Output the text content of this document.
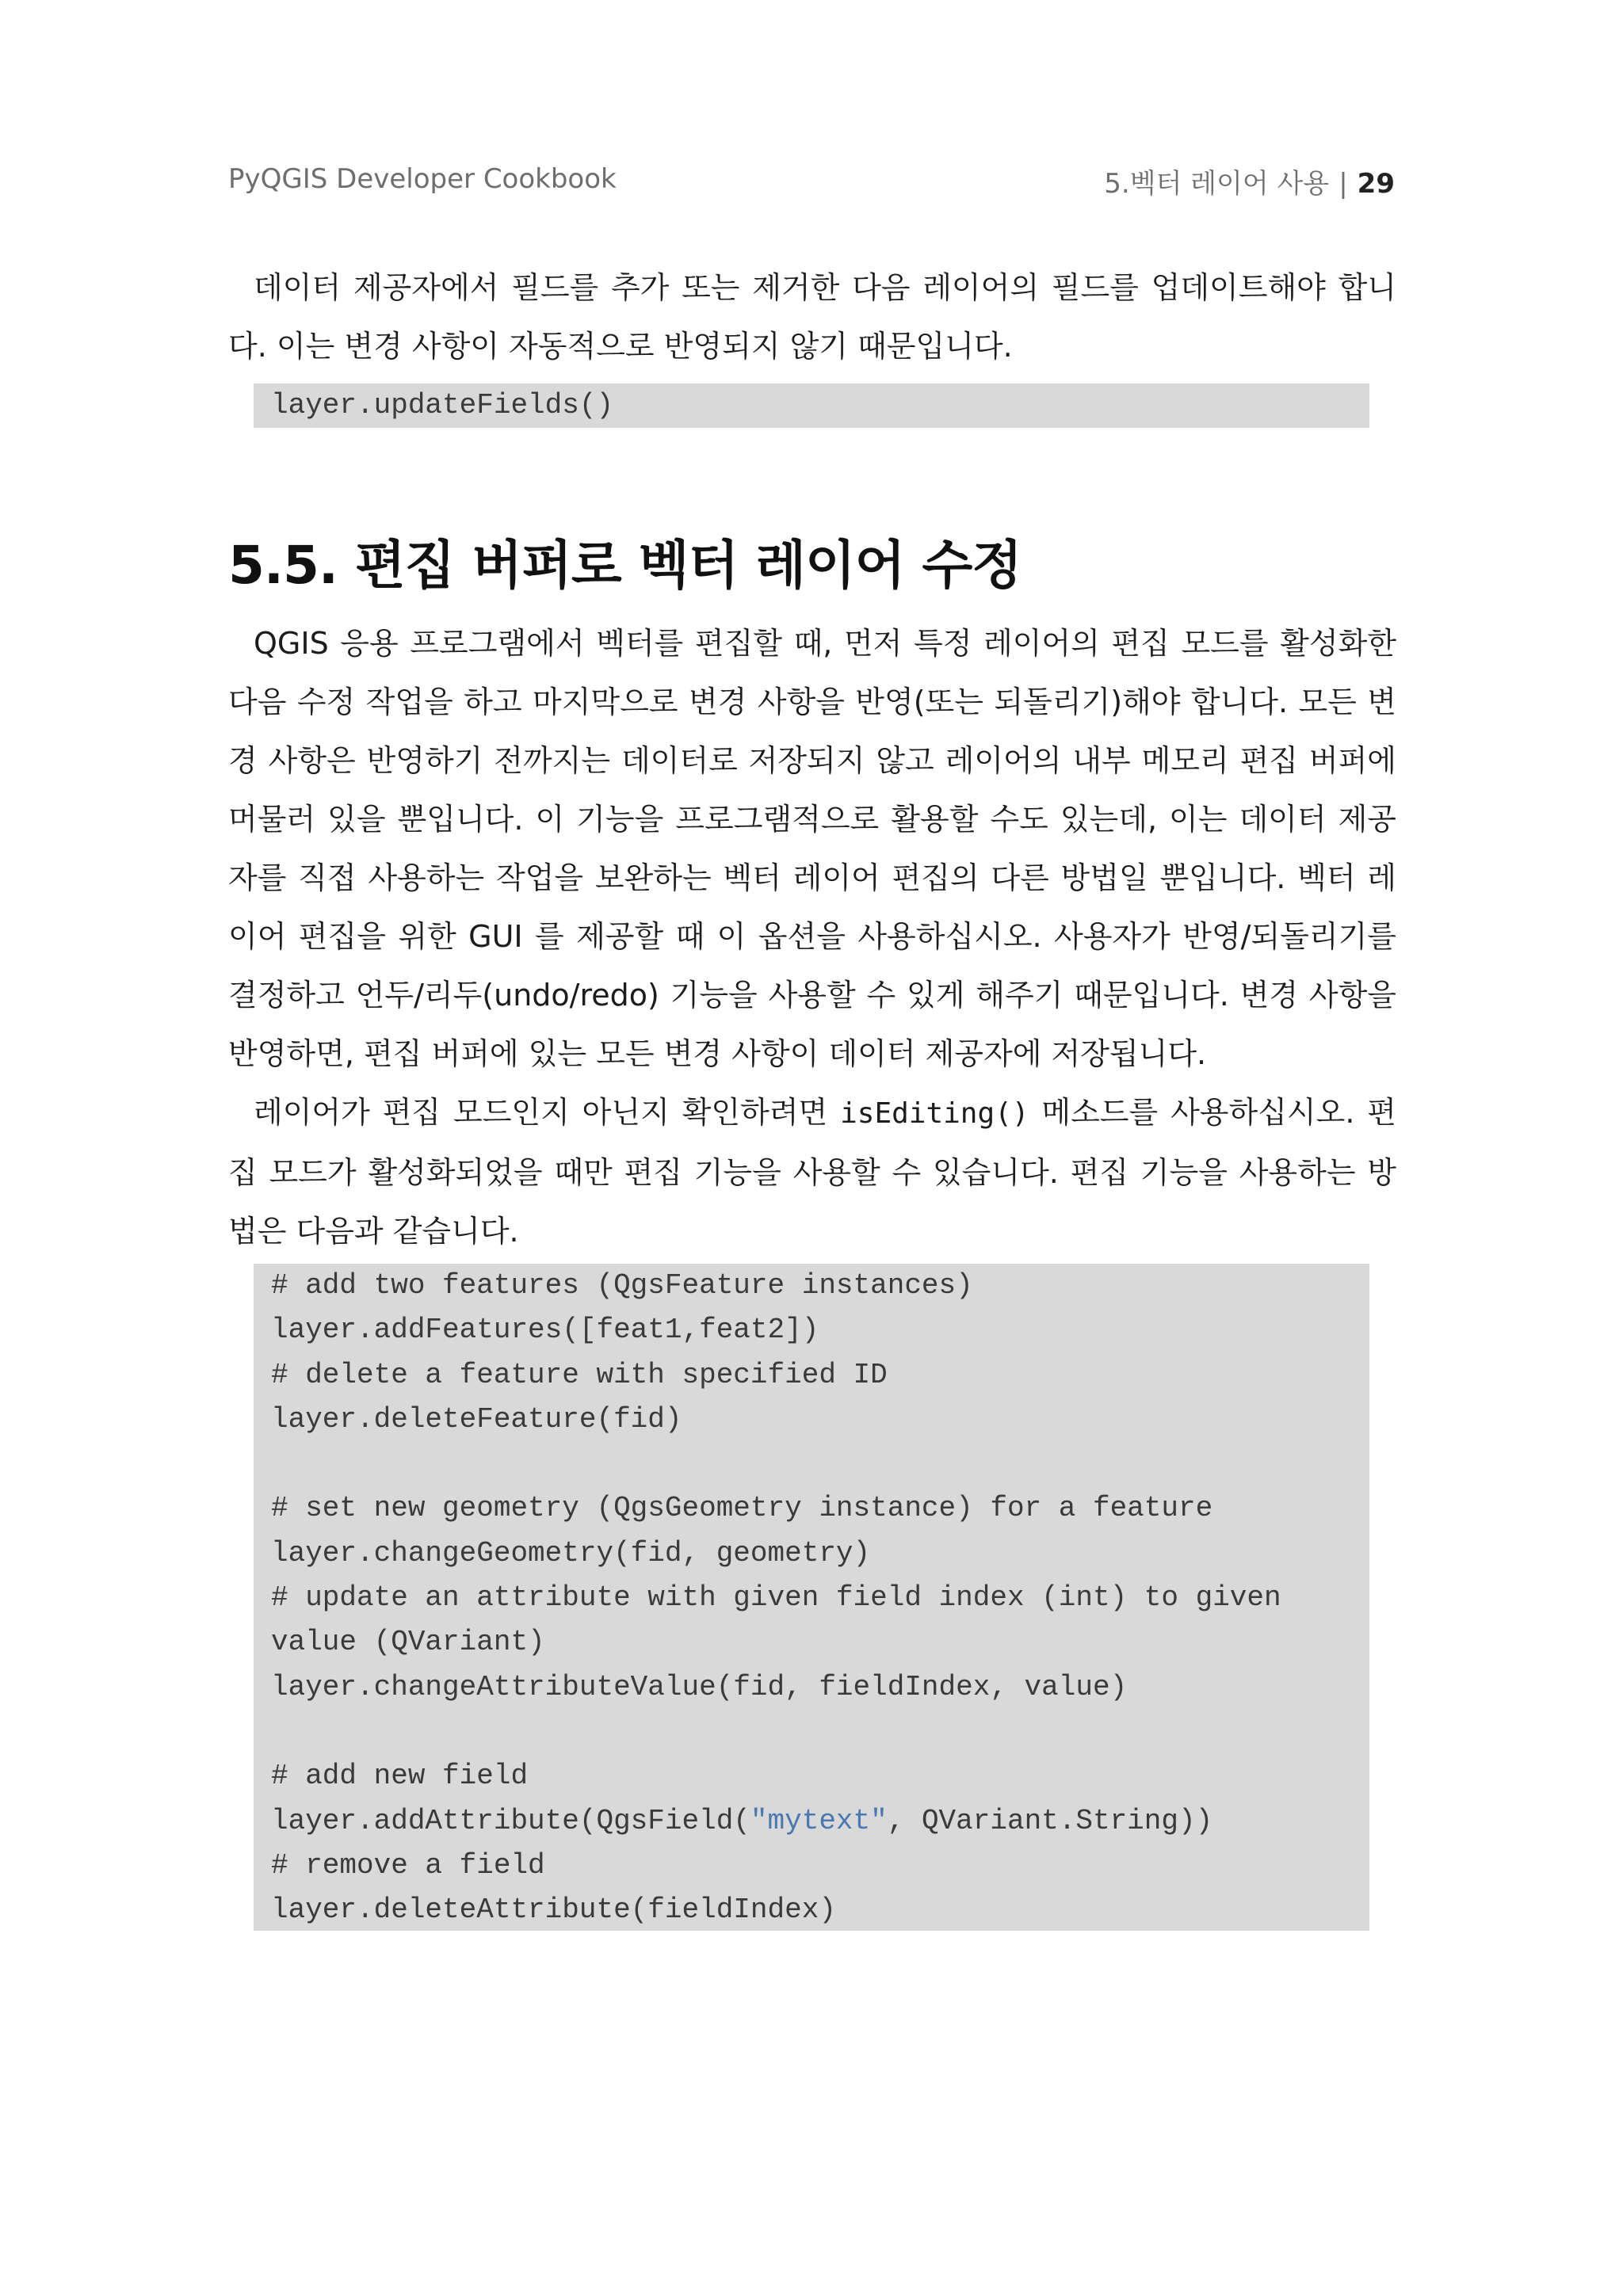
PyQGIS Developer Cookbook	5.벡터 레이어 사용 | 29

데이터 제공자에서 필드를 추가 또는 제거한 다음 레이어의 필드를 업데이트해야 합니다. 이는 변경 사항이 자동적으로 반영되지 않기 때문입니다.

layer.updateFields()
5.5. 편집 버퍼로 벡터 레이어 수정

QGIS 응용 프로그램에서 벡터를 편집할 때, 먼저 특정 레이어의 편집 모드를 활성화한 다음 수정 작업을 하고 마지막으로 변경 사항을 반영(또는 되돌리기)해야 합니다. 모든 변경 사항은 반영하기 전까지는 데이터로 저장되지 않고 레이어의 내부 메모리 편집 버퍼에 머물러 있을 뿐입니다. 이 기능을 프로그램적으로 활용할 수도 있는데, 이는 데이터 제공자를 직접 사용하는 작업을 보완하는 벡터 레이어 편집의 다른 방법일 뿐입니다. 벡터 레이어 편집을 위한 GUI 를 제공할 때 이 옵션을 사용하십시오. 사용자가 반영/되돌리기를 결정하고 언두/리두(undo/redo) 기능을 사용할 수 있게 해주기 때문입니다. 변경 사항을 반영하면, 편집 버퍼에 있는 모든 변경 사항이 데이터 제공자에 저장됩니다.

레이어가 편집 모드인지 아닌지 확인하려면 isEditing() 메소드를 사용하십시오. 편집 모드가 활성화되었을 때만 편집 기능을 사용할 수 있습니다. 편집 기능을 사용하는 방법은 다음과 같습니다.

# add two features (QgsFeature instances)
layer.addFeatures([feat1,feat2])
# delete a feature with specified ID
layer.deleteFeature(fid)
# set new geometry (QgsGeometry instance) for a feature
layer.changeGeometry(fid, geometry)
# update an attribute with given field index (int) to given
value (QVariant)
layer.changeAttributeValue(fid, fieldIndex, value)
# add new field
layer.addAttribute(QgsField("mytext", QVariant.String))
# remove a field
layer.deleteAttribute(fieldIndex)
